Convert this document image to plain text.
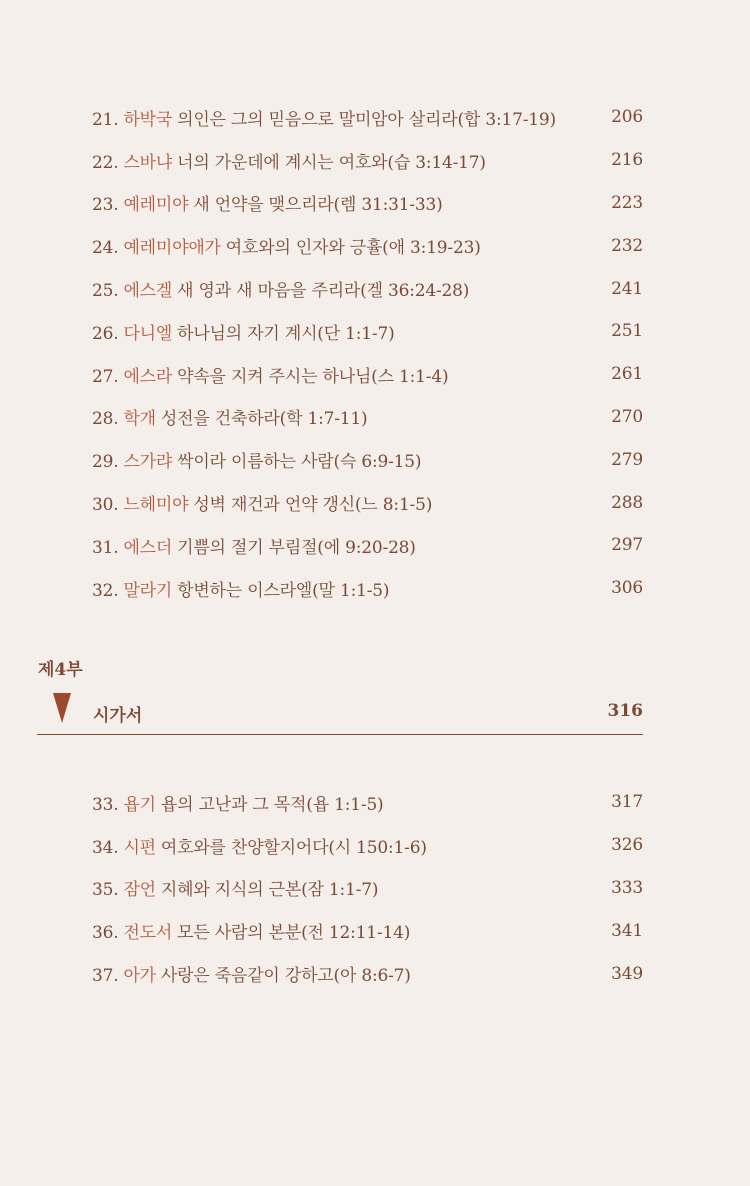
21. 하박국 의인은 그의 믿음으로 말미암아 살리라(합 3:17-19)	206
22. 스바냐 너의 가운데에 계시는 여호와(습 3:14-17)	216
23. 예레미야 새 언약을 맺으리라(렘 31:31-33)	223
24. 예레미야애가 여호와의 인자와 긍휼(애 3:19-23)	232
25. 에스겔 새 영과 새 마음을 주리라(겔 36:24-28)	241
26. 다니엘 하나님의 자기 계시(단 1:1-7)	251
27. 에스라 약속을 지켜 주시는 하나님(스 1:1-4)	261
28. 학개 성전을 건축하라(학 1:7-11)	270
29. 스가랴 싹이라 이름하는 사람(슥 6:9-15)	279
30. 느헤미야 성벽 재건과 언약 갱신(느 8:1-5)	288
31. 에스더 기쁨의 절기 부림절(에 9:20-28)	297
32. 말라기 항변하는 이스라엘(말 1:1-5)	306
제4부
시가서	316
33. 욥기 욥의 고난과 그 목적(욥 1:1-5)	317
34. 시편 여호와를 찬양할지어다(시 150:1-6)	326
35. 잠언 지혜와 지식의 근본(잠 1:1-7)	333
36. 전도서 모든 사람의 본분(전 12:11-14)	341
37. 아가 사랑은 죽음같이 강하고(아 8:6-7)	349
